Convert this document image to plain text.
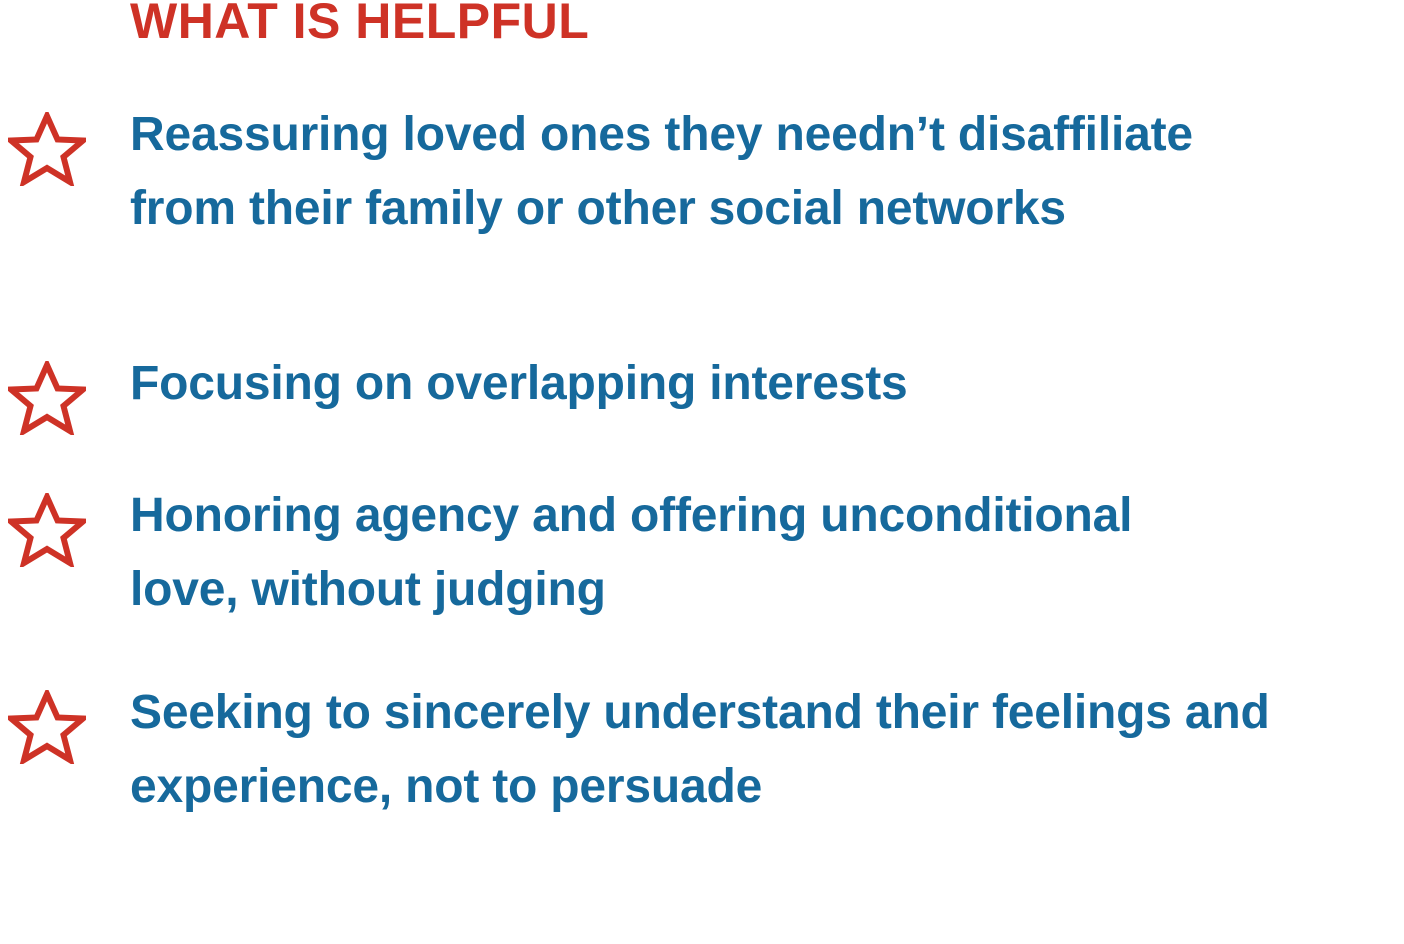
WHAT IS HELPFUL
Reassuring loved ones they needn’t disaffiliate from their family or other social networks
Focusing on overlapping interests
Honoring agency and offering unconditional love, without judging
Seeking to sincerely understand their feelings and experience, not to persuade
